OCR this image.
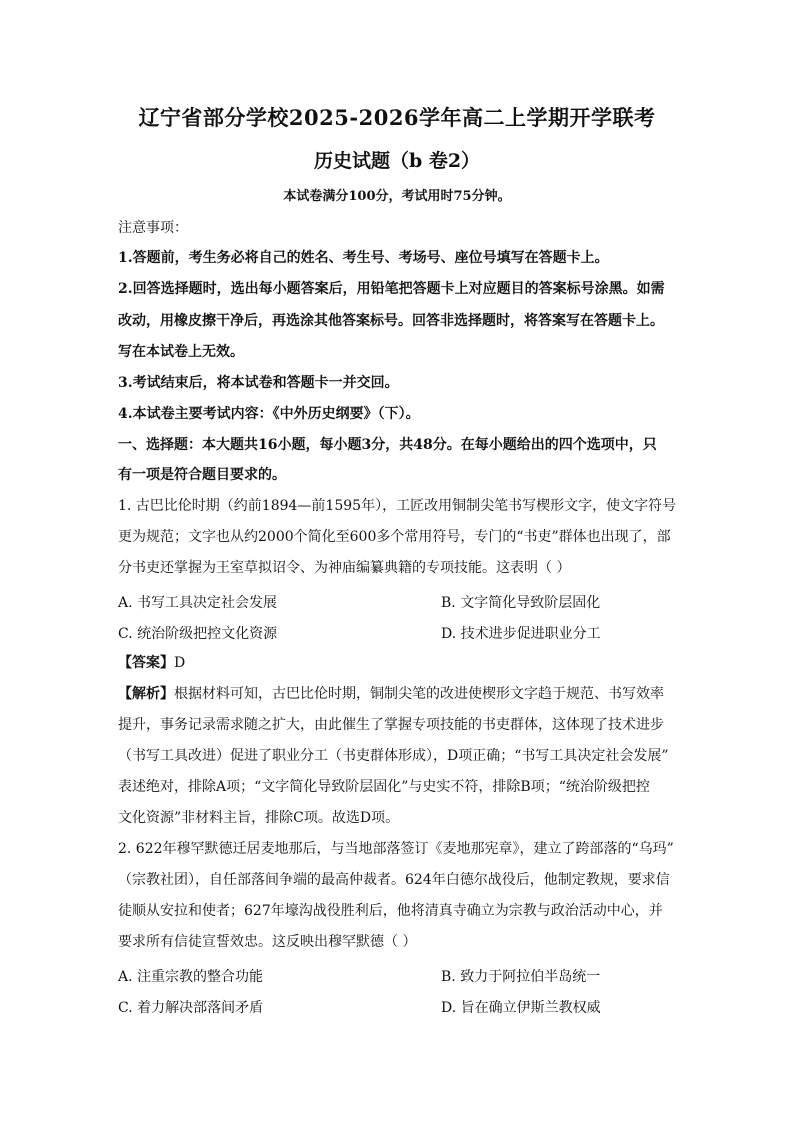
辽宁省部分学校2025-2026学年高二上学期开学联考
历史试题（b 卷2）
本试卷满分100分，考试用时75分钟。
注意事项：
1.答题前，考生务必将自己的姓名、考生号、考场号、座位号填写在答题卡上。
2.回答选择题时，选出每小题答案后，用铅笔把答题卡上对应题目的答案标号涂黑。如需
改动，用橡皮擦干净后，再选涂其他答案标号。回答非选择题时，将答案写在答题卡上。
写在本试卷上无效。
3.考试结束后，将本试卷和答题卡一并交回。
4.本试卷主要考试内容：《中外历史纲要》（下）。
一、选择题：本大题共16小题，每小题3分，共48分。在每小题给出的四个选项中，只
有一项是符合题目要求的。
1. 古巴比伦时期（约前1894—前1595年），工匠改用铜制尖笔书写楔形文字，使文字符号
更为规范；文字也从约2000个简化至600多个常用符号，专门的“书吏”群体也出现了，部
分书吏还掌握为王室草拟诏令、为神庙编纂典籍的专项技能。这表明（ ）
A. 书写工具决定社会发展	B. 文字简化导致阶层固化
C. 统治阶级把控文化资源	D. 技术进步促进职业分工
【答案】D
【解析】根据材料可知，古巴比伦时期，铜制尖笔的改进使楔形文字趋于规范、书写效率
提升，事务记录需求随之扩大，由此催生了掌握专项技能的书吏群体，这体现了技术进步
（书写工具改进）促进了职业分工（书吏群体形成），D项正确；“书写工具决定社会发展”
表述绝对，排除A项；“文字简化导致阶层固化”与史实不符，排除B项；“统治阶级把控
文化资源”非材料主旨，排除C项。故选D项。
2. 622年穆罕默德迁居麦地那后，与当地部落签订《麦地那宪章》，建立了跨部落的“乌玛”
（宗教社团），自任部落间争端的最高仲裁者。624年白德尔战役后，他制定教规，要求信
徒顺从安拉和使者；627年壕沟战役胜利后，他将清真寺确立为宗教与政治活动中心，并
要求所有信徒宣誓效忠。这反映出穆罕默德（ ）
A. 注重宗教的整合功能	B. 致力于阿拉伯半岛统一
C. 着力解决部落间矛盾	D. 旨在确立伊斯兰教权威
